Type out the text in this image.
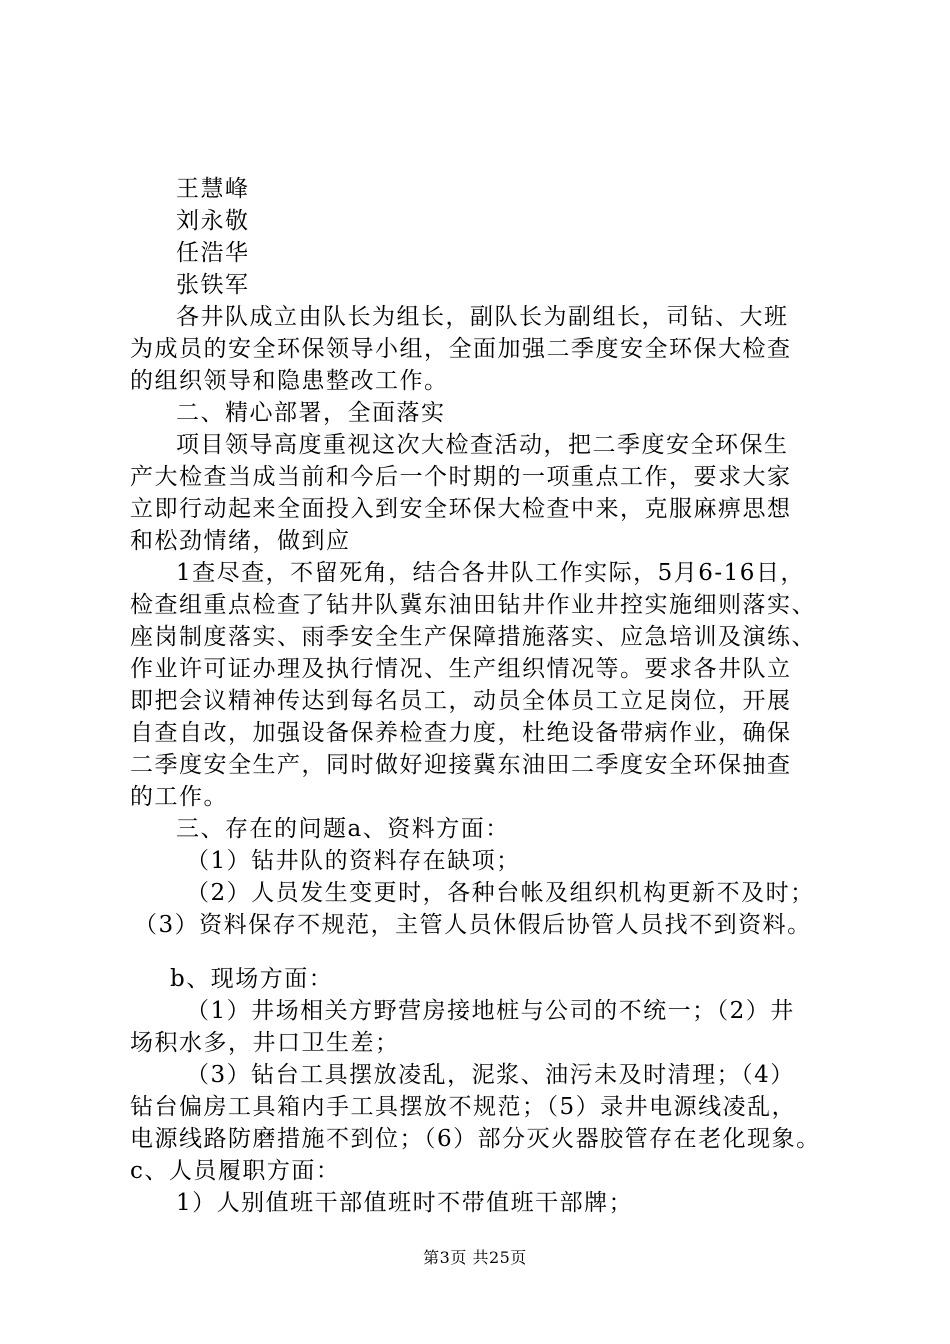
王慧峰
刘永敬
任浩华
张铁军
各井队成立由队长为组长，副队长为副组长，司钻、大班
为成员的安全环保领导小组，全面加强二季度安全环保大检查
的组织领导和隐患整改工作。
二、精心部署，全面落实
项目领导高度重视这次大检查活动，把二季度安全环保生
产大检查当成当前和今后一个时期的一项重点工作，要求大家
立即行动起来全面投入到安全环保大检查中来，克服麻痹思想
和松劲情绪，做到应
1查尽查，不留死角，结合各井队工作实际，5月6-16日，
检查组重点检查了钻井队冀东油田钻井作业井控实施细则落实、
座岗制度落实、雨季安全生产保障措施落实、应急培训及演练、
作业许可证办理及执行情况、生产组织情况等。要求各井队立
即把会议精神传达到每名员工，动员全体员工立足岗位，开展
自查自改，加强设备保养检查力度，杜绝设备带病作业，确保
二季度安全生产，同时做好迎接冀东油田二季度安全环保抽查
的工作。
三、存在的问题a、资料方面：
（1）钻井队的资料存在缺项；
（2）人员发生变更时，各种台帐及组织机构更新不及时；
（3）资料保存不规范，主管人员休假后协管人员找不到资料。
b、现场方面：
（1）井场相关方野营房接地桩与公司的不统一；（2）井
场积水多，井口卫生差；
（3）钻台工具摆放凌乱，泥浆、油污未及时清理；（4）
钻台偏房工具箱内手工具摆放不规范；（5）录井电源线凌乱，
电源线路防磨措施不到位；（6）部分灭火器胶管存在老化现象。
c、人员履职方面：
1）人别值班干部值班时不带值班干部牌；
第3页 共25页
